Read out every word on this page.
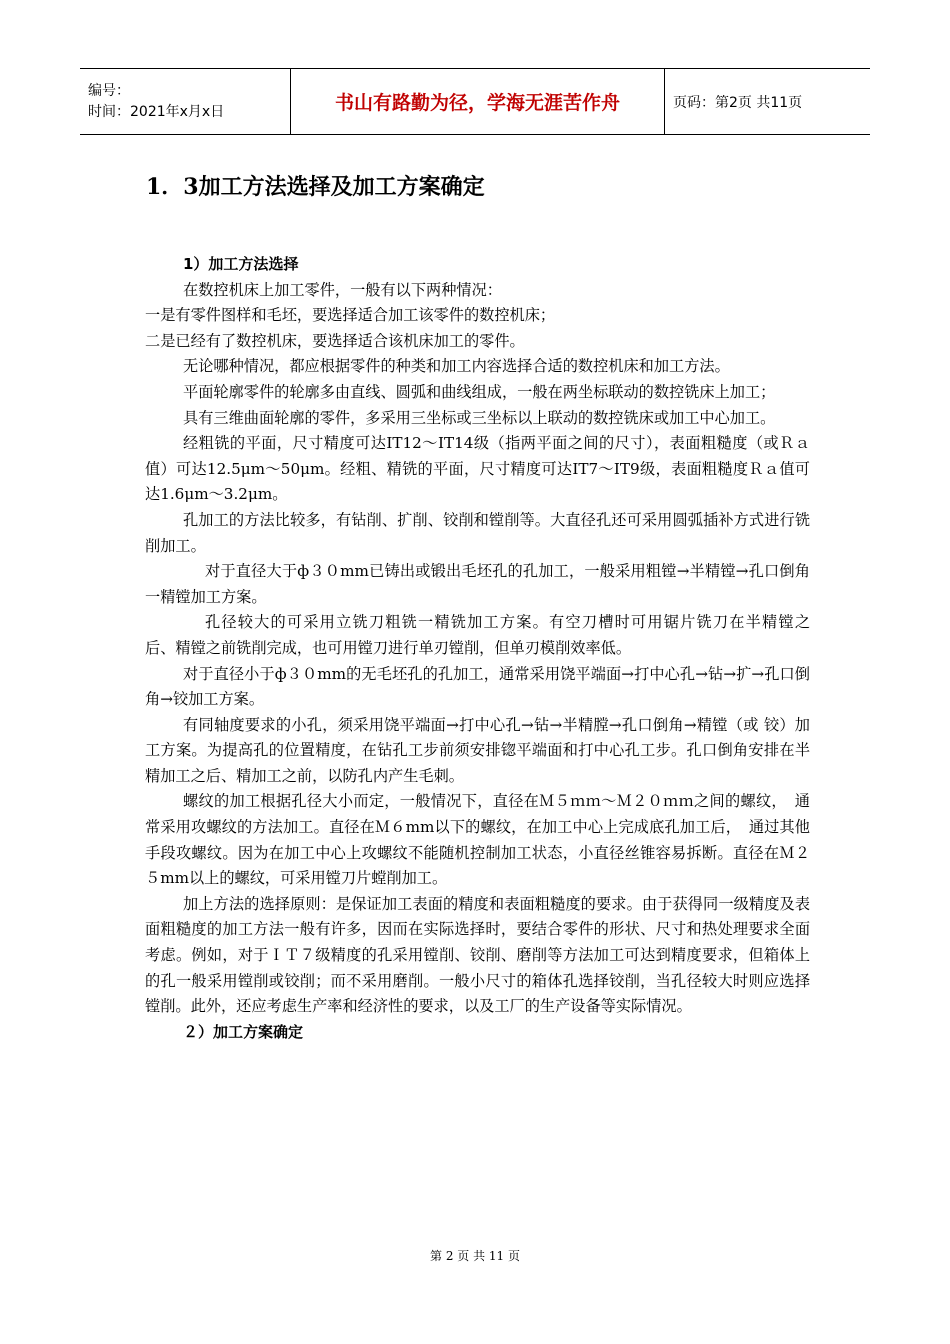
编号：
时间：2021年x月x日	书山有路勤为径，学海无涯苦作舟	页码：第2页 共11页
1．3加工方法选择及加工方案确定

1）加工方法选择

在数控机床上加工零件，一般有以下两种情况：

一是有零件图样和毛坯，要选择适合加工该零件的数控机床；

二是已经有了数控机床，要选择适合该机床加工的零件。

无论哪种情况，都应根据零件的种类和加工内容选择合适的数控机床和加工方法。

平面轮廓零件的轮廓多由直线、圆弧和曲线组成，一般在两坐标联动的数控铣床上加工；

具有三维曲面轮廓的零件，多采用三坐标或三坐标以上联动的数控铣床或加工中心加工。

经粗铣的平面，尺寸精度可达IT12～IT14级（指两平面之间的尺寸），表面粗糙度（或Ｒａ值）可达12.5μm～50μm。经粗、精铣的平面，尺寸精度可达IT7～IT9级，表面粗糙度Ｒａ值可达1.6μm～3.2μm。

孔加工的方法比较多，有钻削、扩削、铰削和镗削等。大直径孔还可采用圆弧插补方式进行铣削加工。

对于直径大于ф３０mm已铸出或锻出毛坯孔的孔加工，一般采用粗镗→半精镗→孔口倒角一精镗加工方案。

孔径较大的可采用立铣刀粗铣一精铣加工方案。有空刀槽时可用锯片铣刀在半精镗之　后、精镗之前铣削完成，也可用镗刀进行单刃镗削，但单刃模削效率低。

对于直径小于ф３０mm的无毛坯孔的孔加工，通常采用饶平端面→打中心孔→钻→扩→孔口倒角→铰加工方案。

有同轴度要求的小孔，须采用饶平端面→打中心孔→钻→半精膛→孔口倒角→精镗（或 铰）加工方案。为提高孔的位置精度，在钻孔工步前须安排锪平端面和打中心孔工步。孔口倒角安排在半精加工之后、精加工之前，以防孔内产生毛刺。

螺纹的加工根据孔径大小而定，一般情况下，直径在Ｍ５ｍｍ～Ｍ２０ｍｍ之间的螺纹，　通常采用攻螺纹的方法加工。直径在Ｍ６mm以下的螺纹，在加工中心上完成底孔加工后，　通过其他手段攻螺纹。因为在加工中心上攻螺纹不能随机控制加工状态，小直径丝锥容易拆断。直径在Ｍ２５mm以上的螺纹，可采用镗刀片螳削加工。

加上方法的选择原则：是保证加工表面的精度和表面粗糙度的要求。由于获得同一级精度及表面粗糙度的加工方法一般有许多，因而在实际选择时，要结合零件的形状、尺寸和热处理要求全面考虑。例如，对于ＩＴ７级精度的孔采用镗削、铰削、磨削等方法加工可达到精度要求，但箱体上的孔一般采用镗削或铰削；而不采用磨削。一般小尺寸的箱体孔选择铰削，当孔径较大时则应选择镗削。此外，还应考虑生产率和经济性的要求，以及工厂的生产设备等实际情况。

２）加工方案确定

第 2 页 共 11 页
